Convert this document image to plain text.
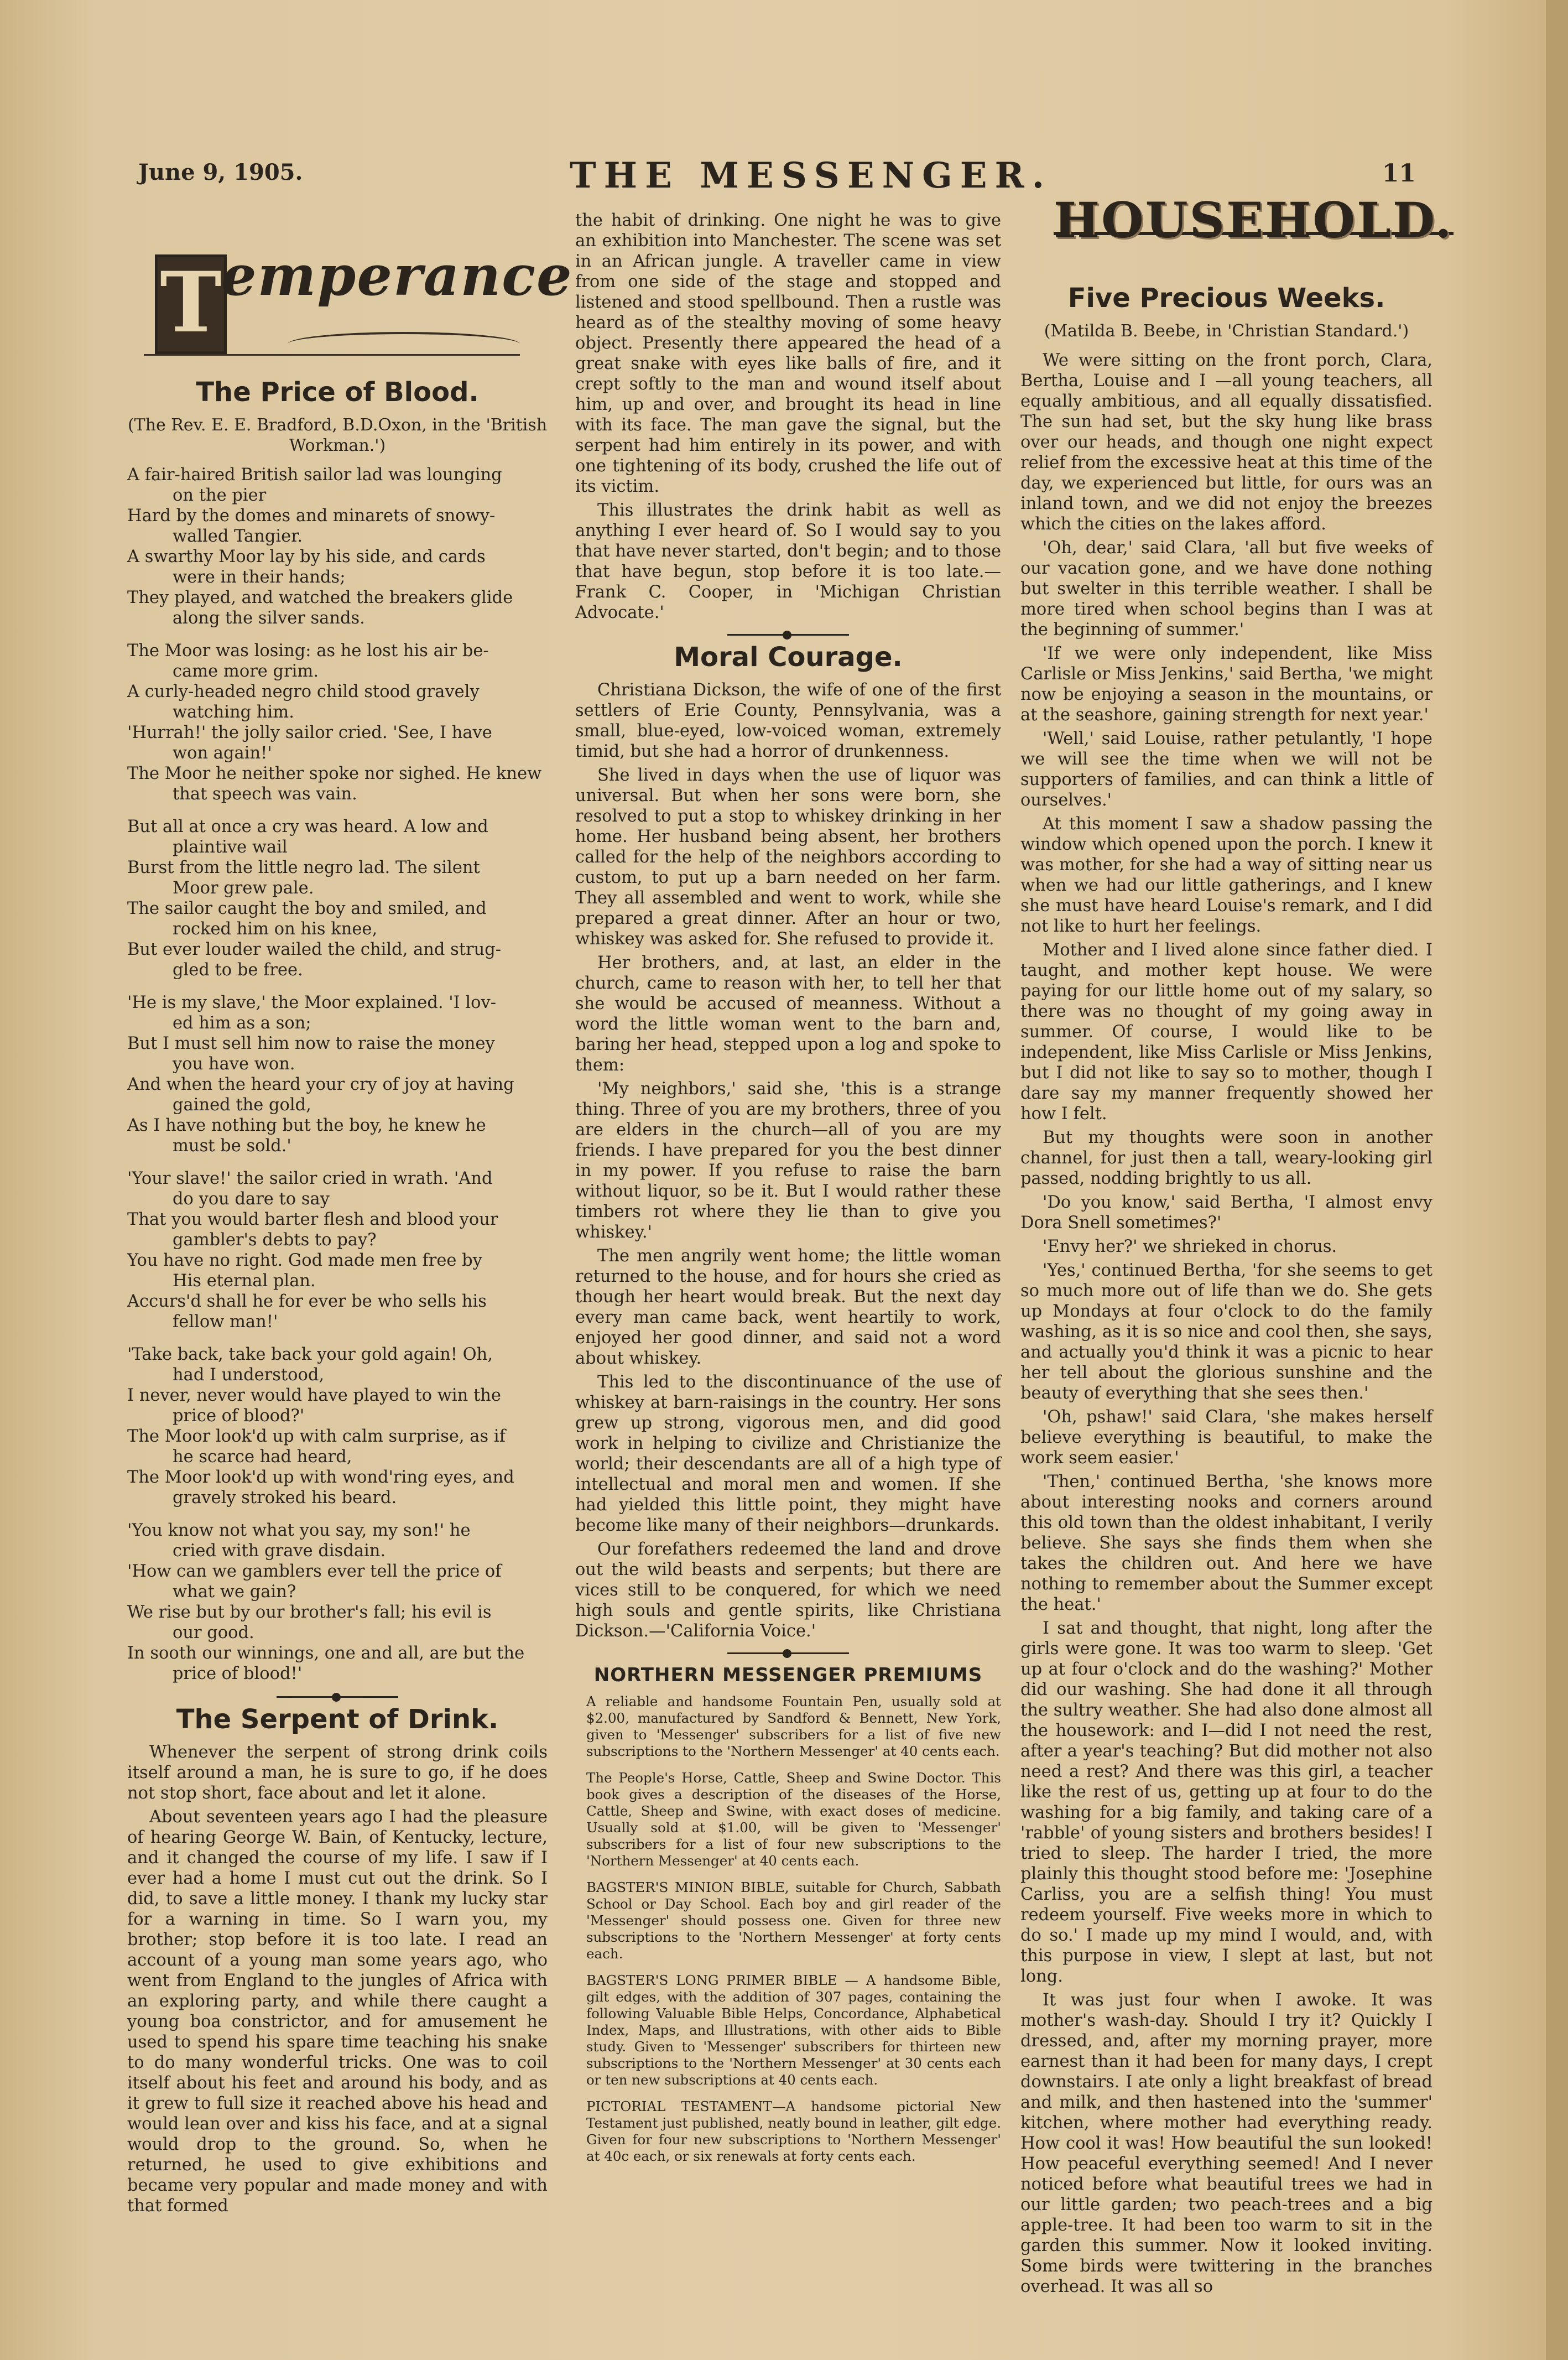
June 9, 1905.	THE MESSENGER.	11
T emperance
The Price of Blood.
(The Rev. E. E. Bradford, B.D.Oxon, in the 'British Workman.')
A fair-haired British sailor lad was lounging
on the pier
Hard by the domes and minarets of snowy-
walled Tangier.
A swarthy Moor lay by his side, and cards
were in their hands;
They played, and watched the breakers glide
along the silver sands.
The Moor was losing: as he lost his air be-
came more grim.
A curly-headed negro child stood gravely
watching him.
'Hurrah!' the jolly sailor cried. 'See, I have
won again!'
The Moor he neither spoke nor sighed. He knew
that speech was vain.
But all at once a cry was heard. A low and
plaintive wail
Burst from the little negro lad. The silent
Moor grew pale.
The sailor caught the boy and smiled, and
rocked him on his knee,
But ever louder wailed the child, and strug-
gled to be free.
'He is my slave,' the Moor explained. 'I lov-
ed him as a son;
But I must sell him now to raise the money
you have won.
And when the heard your cry of joy at having
gained the gold,
As I have nothing but the boy, he knew he
must be sold.'
'Your slave!' the sailor cried in wrath. 'And
do you dare to say
That you would barter flesh and blood your
gambler's debts to pay?
You have no right. God made men free by
His eternal plan.
Accurs'd shall he for ever be who sells his
fellow man!'
'Take back, take back your gold again! Oh,
had I understood,
I never, never would have played to win the
price of blood?'
The Moor look'd up with calm surprise, as if
he scarce had heard,
The Moor look'd up with wond'ring eyes, and
gravely stroked his beard.
'You know not what you say, my son!' he
cried with grave disdain.
'How can we gamblers ever tell the price of
what we gain?
We rise but by our brother's fall; his evil is
our good.
In sooth our winnings, one and all, are but the
price of blood!'
The Serpent of Drink.

Whenever the serpent of strong drink coils itself around a man, he is sure to go, if he does not stop short, face about and let it alone.

About seventeen years ago I had the pleasure of hearing George W. Bain, of Kentucky, lecture, and it changed the course of my life. I saw if I ever had a home I must cut out the drink. So I did, to save a little money. I thank my lucky star for a warning in time. So I warn you, my brother; stop before it is too late. I read an account of a young man some years ago, who went from England to the jungles of Africa with an exploring party, and while there caught a young boa constrictor, and for amusement he used to spend his spare time teaching his snake to do many wonderful tricks. One was to coil itself about his feet and around his body, and as it grew to full size it reached above his head and would lean over and kiss his face, and at a signal would drop to the ground. So, when he returned, he used to give exhibitions and became very popular and made money and with that formed

the habit of drinking. One night he was to give an exhibition into Manchester. The scene was set in an African jungle. A traveller came in view from one side of the stage and stopped and listened and stood spellbound. Then a rustle was heard as of the stealthy moving of some heavy object. Presently there appeared the head of a great snake with eyes like balls of fire, and it crept softly to the man and wound itself about him, up and over, and brought its head in line with its face. The man gave the signal, but the serpent had him entirely in its power, and with one tightening of its body, crushed the life out of its victim.

This illustrates the drink habit as well as anything I ever heard of. So I would say to you that have never started, don't begin; and to those that have begun, stop before it is too late.—Frank C. Cooper, in 'Michigan Christian Advocate.'

Moral Courage.

Christiana Dickson, the wife of one of the first settlers of Erie County, Pennsylvania, was a small, blue-eyed, low-voiced woman, extremely timid, but she had a horror of drunkenness.

She lived in days when the use of liquor was universal. But when her sons were born, she resolved to put a stop to whiskey drinking in her home. Her husband being absent, her brothers called for the help of the neighbors according to custom, to put up a barn needed on her farm. They all assembled and went to work, while she prepared a great dinner. After an hour or two, whiskey was asked for. She refused to provide it.

Her brothers, and, at last, an elder in the church, came to reason with her, to tell her that she would be accused of meanness. Without a word the little woman went to the barn and, baring her head, stepped upon a log and spoke to them:

'My neighbors,' said she, 'this is a strange thing. Three of you are my brothers, three of you are elders in the church—all of you are my friends. I have prepared for you the best dinner in my power. If you refuse to raise the barn without liquor, so be it. But I would rather these timbers rot where they lie than to give you whiskey.'

The men angrily went home; the little woman returned to the house, and for hours she cried as though her heart would break. But the next day every man came back, went heartily to work, enjoyed her good dinner, and said not a word about whiskey.

This led to the discontinuance of the use of whiskey at barn-raisings in the country. Her sons grew up strong, vigorous men, and did good work in helping to civilize and Christianize the world; their descendants are all of a high type of intellectual and moral men and women. If she had yielded this little point, they might have become like many of their neighbors—drunkards.

Our forefathers redeemed the land and drove out the wild beasts and serpents; but there are vices still to be conquered, for which we need high souls and gentle spirits, like Christiana Dickson.—'California Voice.'

NORTHERN MESSENGER PREMIUMS

A reliable and handsome Fountain Pen, usually sold at $2.00, manufactured by Sandford & Bennett, New York, given to 'Messenger' subscribers for a list of five new subscriptions to the 'Northern Messenger' at 40 cents each.

The People's Horse, Cattle, Sheep and Swine Doctor. This book gives a description of the diseases of the Horse, Cattle, Sheep and Swine, with exact doses of medicine. Usually sold at $1.00, will be given to 'Messenger' subscribers for a list of four new subscriptions to the 'Northern Messenger' at 40 cents each.

BAGSTER'S MINION BIBLE, suitable for Church, Sabbath School or Day School. Each boy and girl reader of the 'Messenger' should possess one. Given for three new subscriptions to the 'Northern Messenger' at forty cents each.

BAGSTER'S LONG PRIMER BIBLE — A handsome Bible, gilt edges, with the addition of 307 pages, containing the following Valuable Bible Helps, Concordance, Alphabetical Index, Maps, and Illustrations, with other aids to Bible study. Given to 'Messenger' subscribers for thirteen new subscriptions to the 'Northern Messenger' at 30 cents each or ten new subscriptions at 40 cents each.

PICTORIAL TESTAMENT—A handsome pictorial New Testament just published, neatly bound in leather, gilt edge. Given for four new subscriptions to 'Northern Messenger' at 40c each, or six renewals at forty cents each.

HOUSEHOLD.
Five Precious Weeks.
(Matilda B. Beebe, in 'Christian Standard.')

We were sitting on the front porch, Clara, Bertha, Louise and I —all young teachers, all equally ambitious, and all equally dissatisfied. The sun had set, but the sky hung like brass over our heads, and though one night expect relief from the excessive heat at this time of the day, we experienced but little, for ours was an inland town, and we did not enjoy the breezes which the cities on the lakes afford.

'Oh, dear,' said Clara, 'all but five weeks of our vacation gone, and we have done nothing but swelter in this terrible weather. I shall be more tired when school begins than I was at the beginning of summer.'

'If we were only independent, like Miss Carlisle or Miss Jenkins,' said Bertha, 'we might now be enjoying a season in the mountains, or at the seashore, gaining strength for next year.'

'Well,' said Louise, rather petulantly, 'I hope we will see the time when we will not be supporters of families, and can think a little of ourselves.'

At this moment I saw a shadow passing the window which opened upon the porch. I knew it was mother, for she had a way of sitting near us when we had our little gatherings, and I knew she must have heard Louise's remark, and I did not like to hurt her feelings.

Mother and I lived alone since father died. I taught, and mother kept house. We were paying for our little home out of my salary, so there was no thought of my going away in summer. Of course, I would like to be independent, like Miss Carlisle or Miss Jenkins, but I did not like to say so to mother, though I dare say my manner frequently showed her how I felt.

But my thoughts were soon in another channel, for just then a tall, weary-looking girl passed, nodding brightly to us all.

'Do you know,' said Bertha, 'I almost envy Dora Snell sometimes?'

'Envy her?' we shrieked in chorus.

'Yes,' continued Bertha, 'for she seems to get so much more out of life than we do. She gets up Mondays at four o'clock to do the family washing, as it is so nice and cool then, she says, and actually you'd think it was a picnic to hear her tell about the glorious sunshine and the beauty of everything that she sees then.'

'Oh, pshaw!' said Clara, 'she makes herself believe everything is beautiful, to make the work seem easier.'

'Then,' continued Bertha, 'she knows more about interesting nooks and corners around this old town than the oldest inhabitant, I verily believe. She says she finds them when she takes the children out. And here we have nothing to remember about the Summer except the heat.'

I sat and thought, that night, long after the girls were gone. It was too warm to sleep. 'Get up at four o'clock and do the washing?' Mother did our washing. She had done it all through the sultry weather. She had also done almost all the housework: and I—did I not need the rest, after a year's teaching? But did mother not also need a rest? And there was this girl, a teacher like the rest of us, getting up at four to do the washing for a big family, and taking care of a 'rabble' of young sisters and brothers besides! I tried to sleep. The harder I tried, the more plainly this thought stood before me: 'Josephine Carliss, you are a selfish thing! You must redeem yourself. Five weeks more in which to do so.' I made up my mind I would, and, with this purpose in view, I slept at last, but not long.

It was just four when I awoke. It was mother's wash-day. Should I try it? Quickly I dressed, and, after my morning prayer, more earnest than it had been for many days, I crept downstairs. I ate only a light breakfast of bread and milk, and then hastened into the 'summer' kitchen, where mother had everything ready. How cool it was! How beautiful the sun looked! How peaceful everything seemed! And I never noticed before what beautiful trees we had in our little garden; two peach-trees and a big apple-tree. It had been too warm to sit in the garden this summer. Now it looked inviting. Some birds were twittering in the branches overhead. It was all so
